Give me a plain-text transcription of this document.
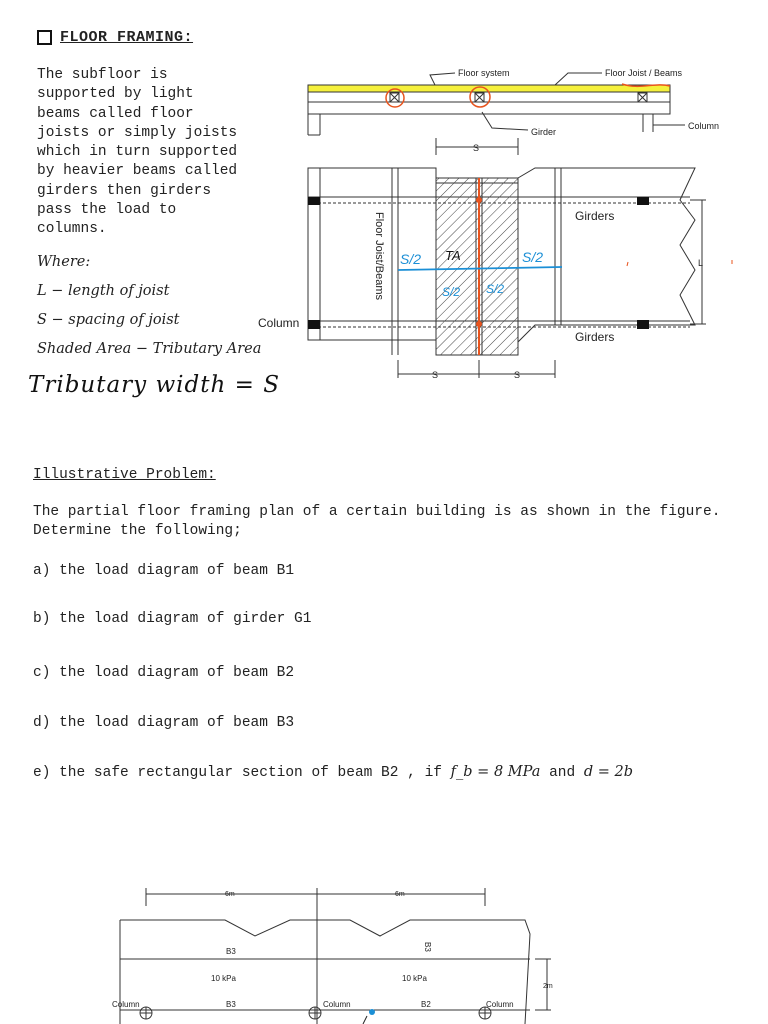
FLOOR FRAMING:
The subfloor is
supported by light
beams called floor
joists or simply joists
which in turn supported
by heavier beams called
girders then girders
pass the load to
columns.
Where:
L − length of joist
S − spacing of joist
Shaded Area − Tributary Area
Tributary width = S
Floor system	Floor Joist / Beams
Girder
Column
S
Girders
Girders
Column
Floor Joist/Beams	L
S/2
S/2 S/2
S/2
TA
S	S
Illustrative Problem:
The partial floor framing plan of a certain building is as shown in the figure. Determine the following;
a) the load diagram of beam B1
b) the load diagram of girder G1
c) the load diagram of beam B2
d) the load diagram of beam B3
e) the safe rectangular section of beam B2 , if f_b = 8 MPa and d = 2b
6m	6m
2m
B3	B3
10 kPa	10 kPa
Column	Column	Column
B3	B2
